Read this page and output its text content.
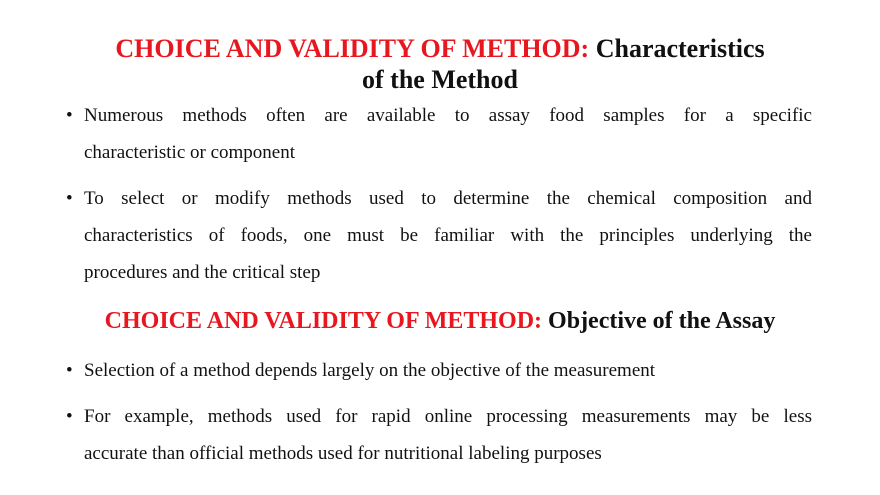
CHOICE AND VALIDITY OF METHOD: Characteristics
of the Method
• Numerous methods often are available to assay food samples for a specific
characteristic or component
• To select or modify methods used to determine the chemical composition and
characteristics of foods, one must be familiar with the principles underlying the
procedures and the critical step
CHOICE AND VALIDITY OF METHOD: Objective of the Assay
• Selection of a method depends largely on the objective of the measurement
• For example, methods used for rapid online processing measurements may be less
accurate than official methods used for nutritional labeling purposes
